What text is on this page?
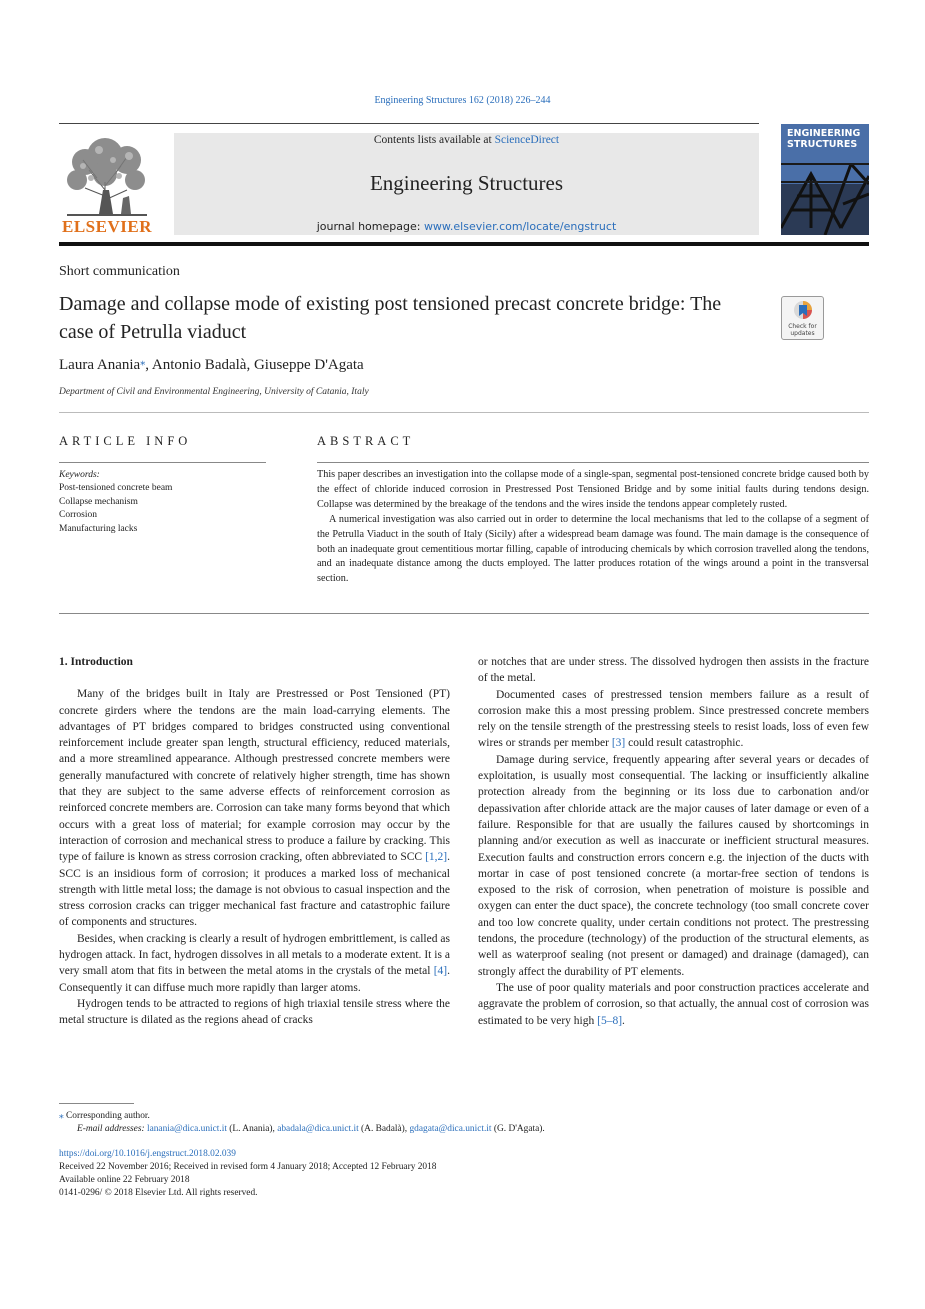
Engineering Structures 162 (2018) 226–244
ELSEVIER
Contents lists available at ScienceDirect
Engineering Structures
journal homepage: www.elsevier.com/locate/engstruct
ENGINEERING
STRUCTURES
Short communication
Damage and collapse mode of existing post tensioned precast concrete bridge: The case of Petrulla viaduct	Check for
updates
Laura Anania⁎, Antonio Badalà, Giuseppe D'Agata
Department of Civil and Environmental Engineering, University of Catania, Italy
ARTICLE INFO	ABSTRACT
Keywords:
Post-tensioned concrete beam
Collapse mechanism
Corrosion
Manufacturing lacks

This paper describes an investigation into the collapse mode of a single-span, segmental post-tensioned concrete bridge caused both by the effect of chloride induced corrosion in Prestressed Post Tensioned Bridge and by some initial faults during tendons design. Collapse was determined by the breakage of the tendons and the wires inside the tendons appear completely rusted.

A numerical investigation was also carried out in order to determine the local mechanisms that led to the collapse of a segment of the Petrulla Viaduct in the south of Italy (Sicily) after a widespread beam damage was found. The main damage is the consequence of both an inadequate grout cementitious mortar filling, capable of introducing chemicals by which corrosion travelled along the tendons, and an inadequate distance among the ducts employed. The latter produces rotation of the wings around a point in the transversal section.

1. Introduction

Many of the bridges built in Italy are Prestressed or Post Tensioned (PT) concrete girders where the tendons are the main load-carrying elements. The advantages of PT bridges compared to bridges constructed using conventional reinforcement include greater span length, structural efficiency, reduced materials, and a more streamlined appearance. Although prestressed concrete members were generally manufactured with concrete of relatively higher strength, time has shown that they are subject to the same adverse effects of reinforcement corrosion as reinforced concrete members are. Corrosion can take many forms beyond that which occurs with a great loss of material; for example corrosion may occur by the interaction of corrosion and mechanical stress to produce a failure by cracking. This type of failure is known as stress corrosion cracking, often abbreviated to SCC [1,2]. SCC is an insidious form of corrosion; it produces a marked loss of mechanical strength with little metal loss; the damage is not obvious to casual inspection and the stress corrosion cracks can trigger mechanical fast fracture and catastrophic failure of components and structures.

Besides, when cracking is clearly a result of hydrogen embrittlement, is called as hydrogen attack. In fact, hydrogen dissolves in all metals to a moderate extent. It is a very small atom that fits in between the metal atoms in the crystals of the metal [4]. Consequently it can diffuse much more rapidly than larger atoms.

Hydrogen tends to be attracted to regions of high triaxial tensile stress where the metal structure is dilated as the regions ahead of cracks

or notches that are under stress. The dissolved hydrogen then assists in the fracture of the metal.

Documented cases of prestressed tension members failure as a result of corrosion make this a most pressing problem. Since prestressed concrete members rely on the tensile strength of the prestressing steels to resist loads, loss of even few wires or strands per member [3] could result catastrophic.

Damage during service, frequently appearing after several years or decades of exploitation, is usually most consequential. The lacking or insufficiently alkaline protection already from the beginning or its loss due to carbonation and/or depassivation after chloride attack are the major causes of later damage or even of a failure. Responsible for that are usually the failures caused by shortcomings in planning and/or execution as well as inaccurate or inefficient structural measures. Execution faults and construction errors concern e.g. the injection of the ducts with mortar in case of post tensioned concrete (a mortar-free section of tendons is exposed to the risk of corrosion, when penetration of moisture is possible and oxygen can enter the duct space), the concrete technology (too small concrete cover and too low concrete quality, under certain conditions not protect. The prestressing tendons, the procedure (technology) of the production of the structural elements, as well as waterproof sealing (not present or damaged) and drainage (damaged), can strongly affect the durability of PT elements.

The use of poor quality materials and poor construction practices accelerate and aggravate the problem of corrosion, so that actually, the annual cost of corrosion was estimated to be very high [5–8].

⁎ Corresponding author.
E-mail addresses: lanania@dica.unict.it (L. Anania), abadala@dica.unict.it (A. Badalà), gdagata@dica.unict.it (G. D'Agata).
https://doi.org/10.1016/j.engstruct.2018.02.039
Received 22 November 2016; Received in revised form 4 January 2018; Accepted 12 February 2018
Available online 22 February 2018
0141-0296/ © 2018 Elsevier Ltd. All rights reserved.
